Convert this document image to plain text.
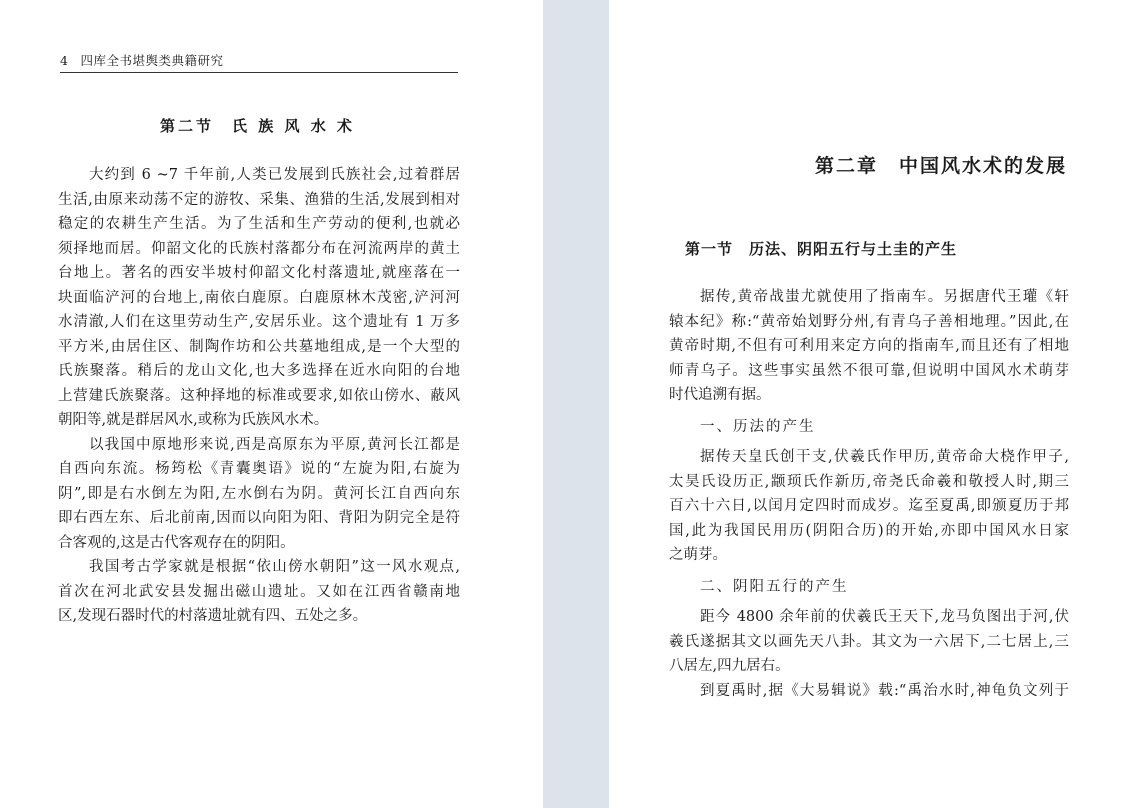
4 四库全书堪舆类典籍研究
第二节　氏 族 风 水 术
大约到 6 ~7 千年前,人类已发展到氏族社会,过着群居
生活,由原来动荡不定的游牧、采集、渔猎的生活,发展到相对
稳定的农耕生产生活。为了生活和生产劳动的便利,也就必
须择地而居。仰韶文化的氏族村落都分布在河流两岸的黄土
台地上。著名的西安半坡村仰韶文化村落遗址,就座落在一
块面临浐河的台地上,南依白鹿原。白鹿原林木茂密,浐河河
水清澈,人们在这里劳动生产,安居乐业。这个遗址有 1 万多
平方米,由居住区、制陶作坊和公共墓地组成,是一个大型的
氏族聚落。稍后的龙山文化,也大多选择在近水向阳的台地
上营建氏族聚落。这种择地的标准或要求,如依山傍水、蔽风
朝阳等,就是群居风水,或称为氏族风水术。
以我国中原地形来说,西是高原东为平原,黄河长江都是
自西向东流。杨筠松《青囊奥语》说的“左旋为阳,右旋为
阴”,即是右水倒左为阳,左水倒右为阴。黄河长江自西向东
即右西左东、后北前南,因而以向阳为阳、背阳为阴完全是符
合客观的,这是古代客观存在的阴阳。
我国考古学家就是根据“依山傍水朝阳”这一风水观点,
首次在河北武安县发掘出磁山遗址。又如在江西省赣南地
区,发现石器时代的村落遗址就有四、五处之多。
第二章　中国风水术的发展
第一节　历法、阴阳五行与土圭的产生
据传,黄帝战蚩尤就使用了指南车。另据唐代王瓘《轩
辕本纪》称:“黄帝始划野分州,有青乌子善相地理。”因此,在
黄帝时期,不但有可利用来定方向的指南车,而且还有了相地
师青乌子。这些事实虽然不很可靠,但说明中国风水术萌芽
时代追溯有据。
一、历法的产生
据传天皇氏创干支,伏羲氏作甲历,黄帝命大桡作甲子,
太昊氏设历正,颛顼氏作新历,帝尧氏命羲和敬授人时,期三
百六十六日,以闰月定四时而成岁。迄至夏禹,即颁夏历于邦
国,此为我国民用历(阴阳合历)的开始,亦即中国风水日家
之萌芽。
二、阴阳五行的产生
距今 4800 余年前的伏羲氏王天下,龙马负图出于河,伏
羲氏遂据其文以画先天八卦。其文为一六居下,二七居上,三
八居左,四九居右。
到夏禹时,据《大易辑说》载:“禹治水时,神龟负文列于
